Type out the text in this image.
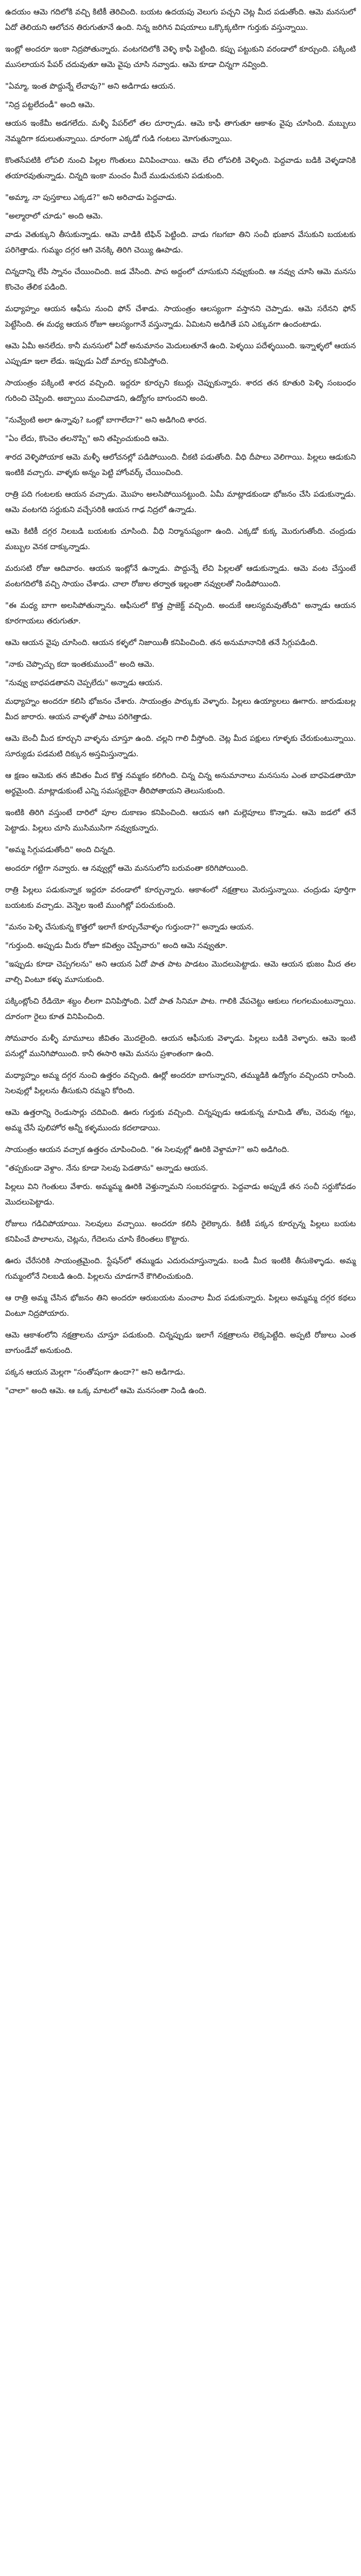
ఉదయం ఆమె గదిలోకి వచ్చి కిటికీ తెరిచింది. బయట ఉదయపు వెలుగు పచ్చని చెట్ల మీద పడుతోంది. ఆమె మనసులో ఏదో తెలియని ఆలోచన తిరుగుతూనే ఉంది. నిన్న జరిగిన విషయాలు ఒక్కొక్కటిగా గుర్తుకు వస్తున్నాయి.

ఇంట్లో అందరూ ఇంకా నిద్రపోతున్నారు. వంటగదిలోకి వెళ్ళి కాఫీ పెట్టింది. కప్పు పట్టుకుని వరండాలో కూర్చుంది. పక్కింటి ముసలాయన పేపర్ చదువుతూ ఆమె వైపు చూసి నవ్వాడు. ఆమె కూడా చిన్నగా నవ్వింది.

"ఏమ్మా, ఇంత పొద్దున్నే లేచావు?" అని అడిగాడు ఆయన.

"నిద్ర పట్టలేదండీ" అంది ఆమె.

ఆయన ఇంకేమీ అడగలేదు. మళ్ళీ పేపర్‌లో తల దూర్చాడు. ఆమె కాఫీ తాగుతూ ఆకాశం వైపు చూసింది. మబ్బులు నెమ్మదిగా కదులుతున్నాయి. దూరంగా ఎక్కడో గుడి గంటలు మోగుతున్నాయి.

కొంతసేపటికి లోపలి నుంచి పిల్లల గొంతులు వినిపించాయి. ఆమె లేచి లోపలికి వెళ్ళింది. పెద్దవాడు బడికి వెళ్ళడానికి తయారవుతున్నాడు. చిన్నది ఇంకా మంచం మీదే ముడుచుకుని పడుకుంది.

"అమ్మా, నా పుస్తకాలు ఎక్కడ?" అని అరిచాడు పెద్దవాడు.

"అల్మారాలో చూడు" అంది ఆమె.

వాడు వెతుక్కుని తీసుకున్నాడు. ఆమె వాడికి టిఫిన్ పెట్టింది. వాడు గబగబా తిని సంచీ భుజాన వేసుకుని బయటకు పరిగెత్తాడు. గుమ్మం దగ్గర ఆగి వెనక్కి తిరిగి చెయ్యి ఊపాడు.

చిన్నదాన్ని లేపి స్నానం చేయించింది. జడ వేసింది. పాప అద్దంలో చూసుకుని నవ్వుకుంది. ఆ నవ్వు చూసి ఆమె మనసు కొంచెం తేలిక పడింది.

మధ్యాహ్నం ఆయన ఆఫీసు నుంచి ఫోన్ చేశాడు. సాయంత్రం ఆలస్యంగా వస్తానని చెప్పాడు. ఆమె సరేనని ఫోన్ పెట్టేసింది. ఈ మధ్య ఆయన రోజూ ఆలస్యంగానే వస్తున్నాడు. ఏమిటని అడిగితే పని ఎక్కువగా ఉందంటాడు.

ఆమె ఏమీ అనలేదు. కానీ మనసులో ఏదో అనుమానం మెదులుతూనే ఉంది. పెళ్ళయి పదేళ్ళయింది. ఇన్నాళ్ళలో ఆయన ఎప్పుడూ ఇలా లేడు. ఇప్పుడు ఏదో మార్పు కనిపిస్తోంది.

సాయంత్రం పక్కింటి శారద వచ్చింది. ఇద్దరూ కూర్చుని కబుర్లు చెప్పుకున్నారు. శారద తన కూతురి పెళ్ళి సంబంధం గురించి చెప్పింది. అబ్బాయి మంచివాడని, ఉద్యోగం బాగుందని అంది.

"నువ్వేంటి అలా ఉన్నావు? ఒంట్లో బాగాలేదా?" అని అడిగింది శారద.

"ఏం లేదు, కొంచెం తలనొప్పి" అని తప్పించుకుంది ఆమె.

శారద వెళ్ళిపోయాక ఆమె మళ్ళీ ఆలోచనల్లో పడిపోయింది. చీకటి పడుతోంది. వీధి దీపాలు వెలిగాయి. పిల్లలు ఆడుకుని ఇంటికి వచ్చారు. వాళ్ళకు అన్నం పెట్టి హోంవర్క్ చేయించింది.

రాత్రి పది గంటలకు ఆయన వచ్చాడు. మొహం అలసిపోయినట్టుంది. ఏమీ మాట్లాడకుండా భోజనం చేసి పడుకున్నాడు. ఆమె వంటగది సర్దుకుని వచ్చేసరికి ఆయన గాఢ నిద్రలో ఉన్నాడు.

ఆమె కిటికీ దగ్గర నిలబడి బయటకు చూసింది. వీధి నిర్మానుష్యంగా ఉంది. ఎక్కడో కుక్క మొరుగుతోంది. చంద్రుడు మబ్బుల వెనక దాక్కున్నాడు.

మరుసటి రోజు ఆదివారం. ఆయన ఇంట్లోనే ఉన్నాడు. పొద్దున్నే లేచి పిల్లలతో ఆడుకున్నాడు. ఆమె వంట చేస్తుంటే వంటగదిలోకి వచ్చి సాయం చేశాడు. చాలా రోజుల తర్వాత ఇల్లంతా నవ్వులతో నిండిపోయింది.

"ఈ మధ్య బాగా అలసిపోతున్నాను. ఆఫీసులో కొత్త ప్రాజెక్ట్ వచ్చింది. అందుకే ఆలస్యమవుతోంది" అన్నాడు ఆయన కూరగాయలు తరుగుతూ.

ఆమె ఆయన వైపు చూసింది. ఆయన కళ్ళలో నిజాయితీ కనిపించింది. తన అనుమానానికి తనే సిగ్గుపడింది.

"నాకు చెప్పొచ్చు కదా ఇంతకుముందే" అంది ఆమె.

"నువ్వు బాధపడతావని చెప్పలేదు" అన్నాడు ఆయన.

మధ్యాహ్నం అందరూ కలిసి భోజనం చేశారు. సాయంత్రం పార్కుకు వెళ్ళారు. పిల్లలు ఉయ్యాలలు ఊగారు. జారుడుబల్ల మీద జారారు. ఆయన వాళ్ళతో పాటు పరిగెత్తాడు.

ఆమె బెంచీ మీద కూర్చుని వాళ్ళను చూస్తూ ఉంది. చల్లని గాలి వీస్తోంది. చెట్ల మీద పక్షులు గూళ్ళకు చేరుకుంటున్నాయి. సూర్యుడు పడమటి దిక్కున అస్తమిస్తున్నాడు.

ఆ క్షణం ఆమెకు తన జీవితం మీద కొత్త నమ్మకం కలిగింది. చిన్న చిన్న అనుమానాలు మనసును ఎంత బాధపెడతాయో అర్థమైంది. మాట్లాడుకుంటే ఎన్ని సమస్యలైనా తీరిపోతాయని తెలుసుకుంది.

ఇంటికి తిరిగి వస్తుంటే దారిలో పూల దుకాణం కనిపించింది. ఆయన ఆగి మల్లెపూలు కొన్నాడు. ఆమె జడలో తనే పెట్టాడు. పిల్లలు చూసి ముసిముసిగా నవ్వుకున్నారు.

"అమ్మ సిగ్గుపడుతోంది" అంది చిన్నది.

అందరూ గట్టిగా నవ్వారు. ఆ నవ్వుల్లో ఆమె మనసులోని బరువంతా కరిగిపోయింది.

రాత్రి పిల్లలు పడుకున్నాక ఇద్దరూ వరండాలో కూర్చున్నారు. ఆకాశంలో నక్షత్రాలు మెరుస్తున్నాయి. చంద్రుడు పూర్తిగా బయటకు వచ్చాడు. వెన్నెల ఇంటి ముంగిట్లో పరుచుకుంది.

"మనం పెళ్ళి చేసుకున్న కొత్తలో ఇలాగే కూర్చునేవాళ్ళం గుర్తుందా?" అన్నాడు ఆయన.

"గుర్తుంది. అప్పుడు మీరు రోజూ కవిత్వం చెప్పేవారు" అంది ఆమె నవ్వుతూ.

"ఇప్పుడు కూడా చెప్పగలను" అని ఆయన ఏదో పాత పాట పాడటం మొదలుపెట్టాడు. ఆమె ఆయన భుజం మీద తల వాల్చి వింటూ కళ్ళు మూసుకుంది.

పక్కింట్లోంచి రేడియో శబ్దం లీలగా వినిపిస్తోంది. ఏదో పాత సినిమా పాట. గాలికి వేపచెట్టు ఆకులు గలగలమంటున్నాయి. దూరంగా రైలు కూత వినిపించింది.

సోమవారం మళ్ళీ మామూలు జీవితం మొదలైంది. ఆయన ఆఫీసుకు వెళ్ళాడు. పిల్లలు బడికి వెళ్ళారు. ఆమె ఇంటి పనుల్లో మునిగిపోయింది. కానీ ఈసారి ఆమె మనసు ప్రశాంతంగా ఉంది.

మధ్యాహ్నం అమ్మ దగ్గర నుంచి ఉత్తరం వచ్చింది. ఊర్లో అందరూ బాగున్నారని, తమ్ముడికి ఉద్యోగం వచ్చిందని రాసింది. సెలవుల్లో పిల్లలను తీసుకుని రమ్మని కోరింది.

ఆమె ఉత్తరాన్ని రెండుసార్లు చదివింది. ఊరు గుర్తుకు వచ్చింది. చిన్నప్పుడు ఆడుకున్న మామిడి తోట, చెరువు గట్టు, అమ్మ చేసే పులిహోర అన్నీ కళ్ళముందు కదలాడాయి.

సాయంత్రం ఆయన వచ్చాక ఉత్తరం చూపించింది. "ఈ సెలవుల్లో ఊరికి వెళ్దామా?" అని అడిగింది.

"తప్పకుండా వెళ్దాం. నేను కూడా సెలవు పెడతాను" అన్నాడు ఆయన.

పిల్లలు విని గెంతులు వేశారు. అమ్మమ్మ ఊరికి వెళ్తున్నామని సంబరపడ్డారు. పెద్దవాడు అప్పుడే తన సంచీ సర్దుకోవడం మొదలుపెట్టాడు.

రోజులు గడిచిపోయాయి. సెలవులు వచ్చాయి. అందరూ కలిసి రైలెక్కారు. కిటికీ పక్కన కూర్చున్న పిల్లలు బయట కనిపించే పొలాలను, చెట్లను, గేదెలను చూసి కేరింతలు కొట్టారు.

ఊరు చేరేసరికి సాయంత్రమైంది. స్టేషన్‌లో తమ్ముడు ఎదురుచూస్తున్నాడు. బండి మీద ఇంటికి తీసుకెళ్ళాడు. అమ్మ గుమ్మంలోనే నిలబడి ఉంది. పిల్లలను చూడగానే కౌగిలించుకుంది.

ఆ రాత్రి అమ్మ చేసిన భోజనం తిని అందరూ ఆరుబయట మంచాల మీద పడుకున్నారు. పిల్లలు అమ్మమ్మ దగ్గర కథలు వింటూ నిద్రపోయారు.

ఆమె ఆకాశంలోని నక్షత్రాలను చూస్తూ పడుకుంది. చిన్నప్పుడు ఇలాగే నక్షత్రాలను లెక్కపెట్టేది. అప్పటి రోజులు ఎంత బాగుండేవో అనుకుంది.

పక్కన ఆయన మెల్లగా "సంతోషంగా ఉందా?" అని అడిగాడు.

"చాలా" అంది ఆమె. ఆ ఒక్క మాటలో ఆమె మనసంతా నిండి ఉంది.
